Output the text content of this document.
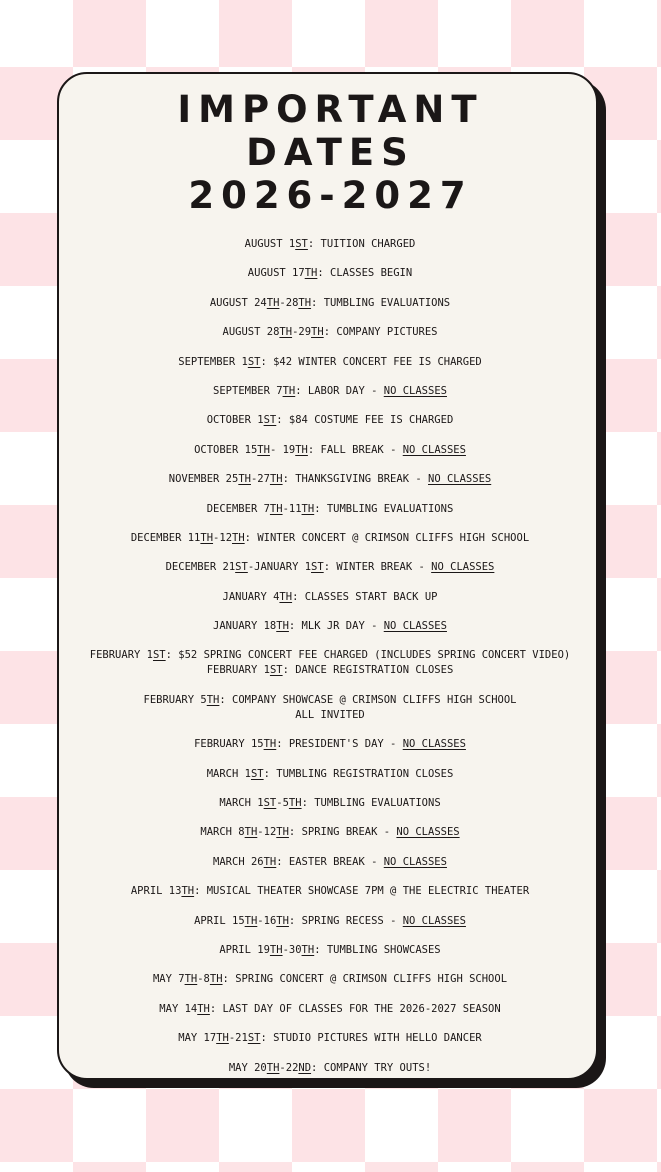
IMPORTANT
DATES
2026-2027
AUGUST 1ST: TUITION CHARGED
AUGUST 17TH: CLASSES BEGIN
AUGUST 24TH-28TH: TUMBLING EVALUATIONS
AUGUST 28TH-29TH: COMPANY PICTURES
SEPTEMBER 1ST: $42 WINTER CONCERT FEE IS CHARGED
SEPTEMBER 7TH: LABOR DAY - NO CLASSES
OCTOBER 1ST: $84 COSTUME FEE IS CHARGED
OCTOBER 15TH- 19TH: FALL BREAK - NO CLASSES
NOVEMBER 25TH-27TH: THANKSGIVING BREAK - NO CLASSES
DECEMBER 7TH-11TH: TUMBLING EVALUATIONS
DECEMBER 11TH-12TH: WINTER CONCERT @ CRIMSON CLIFFS HIGH SCHOOL
DECEMBER 21ST-JANUARY 1ST: WINTER BREAK - NO CLASSES
JANUARY 4TH: CLASSES START BACK UP
JANUARY 18TH: MLK JR DAY - NO CLASSES
FEBRUARY 1ST: $52 SPRING CONCERT FEE CHARGED (INCLUDES SPRING CONCERT VIDEO)
FEBRUARY 1ST: DANCE REGISTRATION CLOSES
FEBRUARY 5TH: COMPANY SHOWCASE @ CRIMSON CLIFFS HIGH SCHOOL
ALL INVITED
FEBRUARY 15TH: PRESIDENT'S DAY - NO CLASSES
MARCH 1ST: TUMBLING REGISTRATION CLOSES
MARCH 1ST-5TH: TUMBLING EVALUATIONS
MARCH 8TH-12TH: SPRING BREAK - NO CLASSES
MARCH 26TH: EASTER BREAK - NO CLASSES
APRIL 13TH: MUSICAL THEATER SHOWCASE 7PM @ THE ELECTRIC THEATER
APRIL 15TH-16TH: SPRING RECESS - NO CLASSES
APRIL 19TH-30TH: TUMBLING SHOWCASES
MAY 7TH-8TH: SPRING CONCERT @ CRIMSON CLIFFS HIGH SCHOOL
MAY 14TH: LAST DAY OF CLASSES FOR THE 2026-2027 SEASON
MAY 17TH-21ST: STUDIO PICTURES WITH HELLO DANCER
MAY 20TH-22ND: COMPANY TRY OUTS!
